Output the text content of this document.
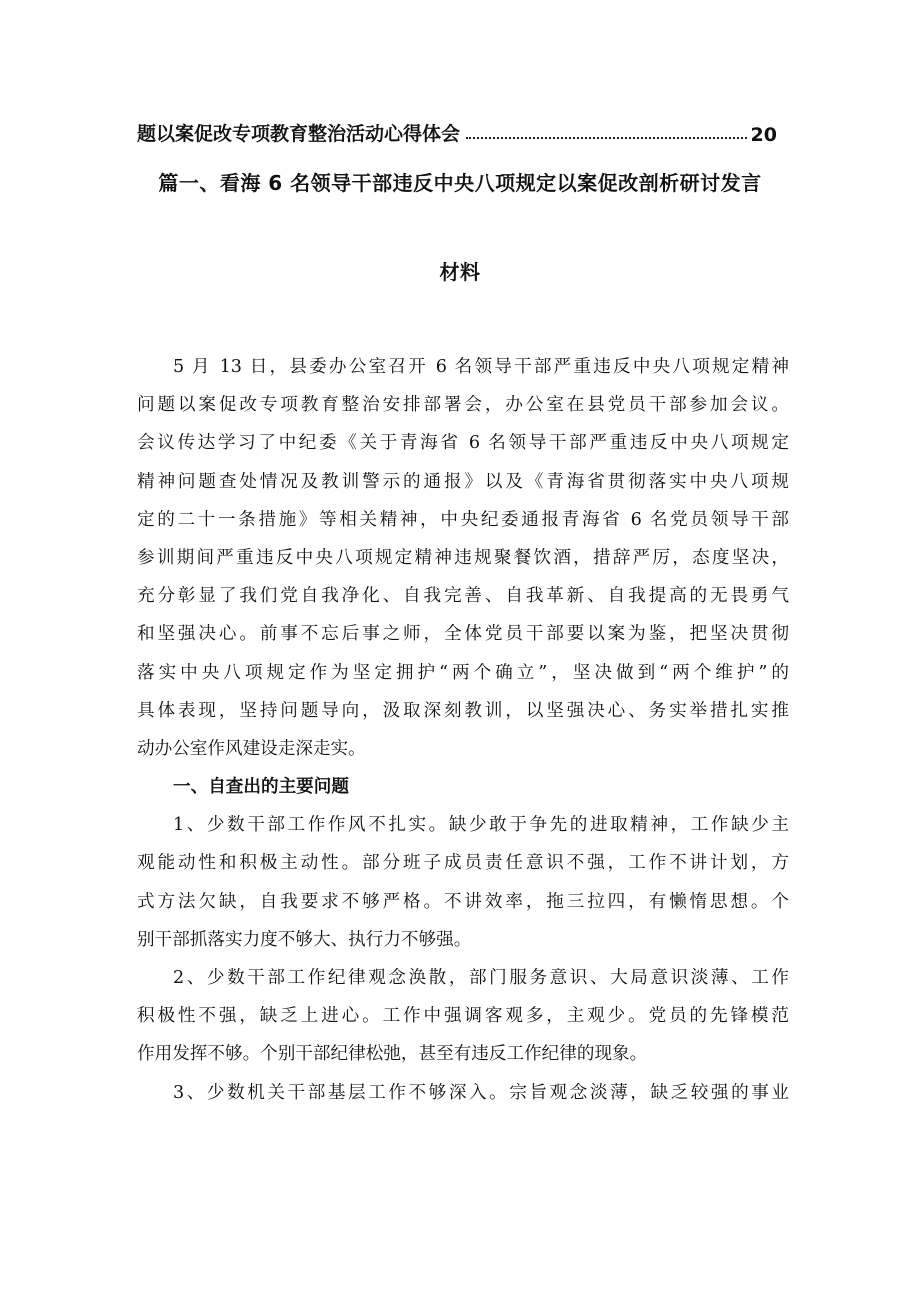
题以案促改专项教育整治活动心得体会	20
篇一、看海 6 名领导干部违反中央八项规定以案促改剖析研讨发言
材料
5 月 13 日，县委办公室召开 6 名领导干部严重违反中央八项规定精神
问题以案促改专项教育整治安排部署会，办公室在县党员干部参加会议。
会议传达学习了中纪委《关于青海省 6 名领导干部严重违反中央八项规定
精神问题查处情况及教训警示的通报》以及《青海省贯彻落实中央八项规
定的二十一条措施》等相关精神，中央纪委通报青海省 6 名党员领导干部
参训期间严重违反中央八项规定精神违规聚餐饮酒，措辞严厉，态度坚决，
充分彰显了我们党自我净化、自我完善、自我革新、自我提高的无畏勇气
和坚强决心。前事不忘后事之师，全体党员干部要以案为鉴，把坚决贯彻
落实中央八项规定作为坚定拥护“两个确立”，坚决做到“两个维护”的
具体表现，坚持问题导向，汲取深刻教训，以坚强决心、务实举措扎实推
动办公室作风建设走深走实。
一、自查出的主要问题
1、少数干部工作作风不扎实。缺少敢于争先的进取精神，工作缺少主
观能动性和积极主动性。部分班子成员责任意识不强，工作不讲计划，方
式方法欠缺，自我要求不够严格。不讲效率，拖三拉四，有懒惰思想。个
别干部抓落实力度不够大、执行力不够强。
2、少数干部工作纪律观念涣散，部门服务意识、大局意识淡薄、工作
积极性不强，缺乏上进心。工作中强调客观多，主观少。党员的先锋模范
作用发挥不够。个别干部纪律松弛，甚至有违反工作纪律的现象。
3、少数机关干部基层工作不够深入。宗旨观念淡薄，缺乏较强的事业
